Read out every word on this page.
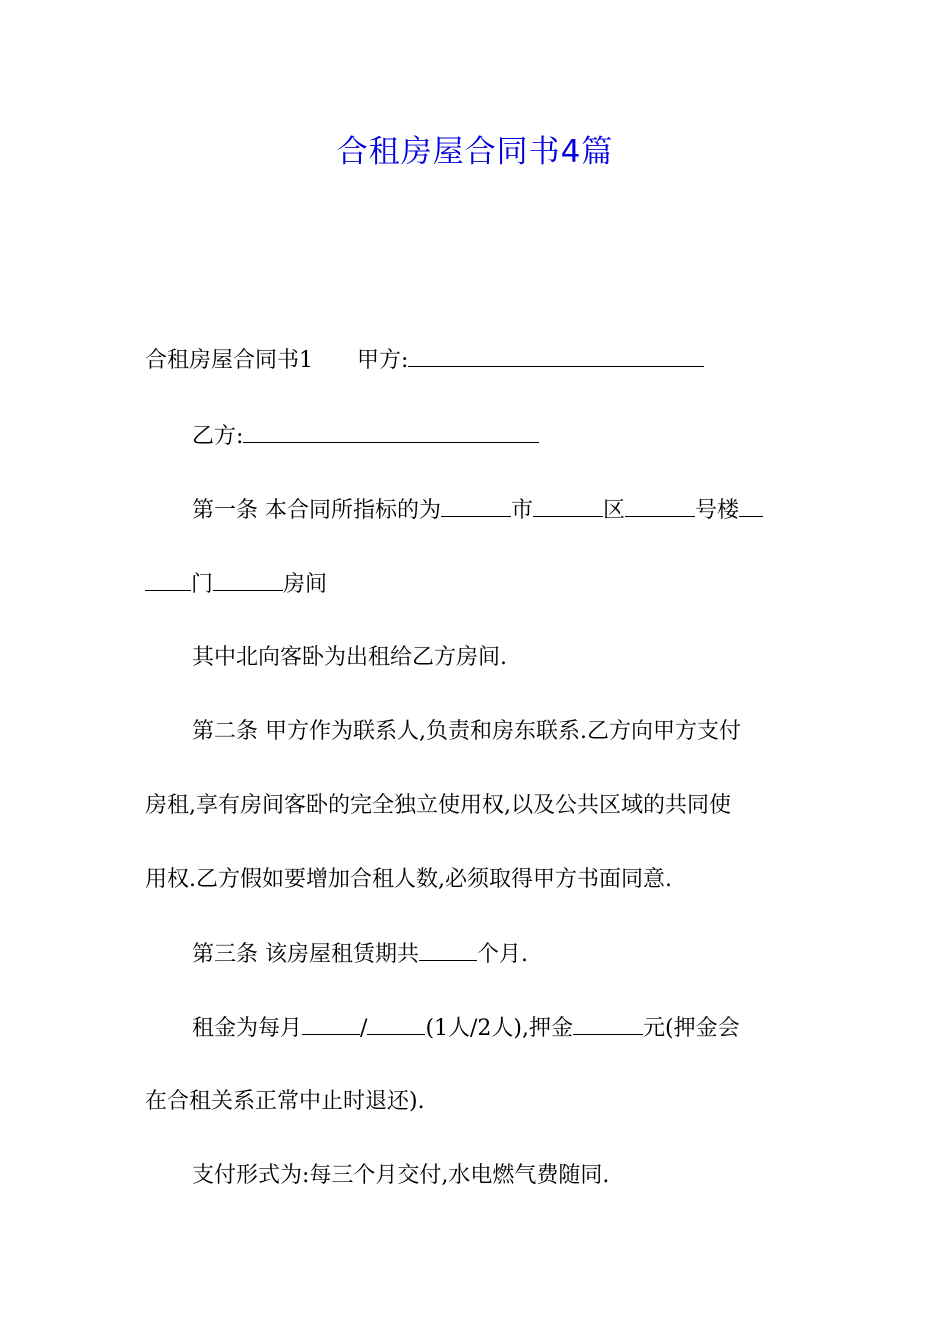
合租房屋合同书4篇
合租房屋合同书1 甲方:
乙方:
第一条 本合同所指标的为	市	区	号楼
门	房间
其中北向客卧为出租给乙方房间.
第二条 甲方作为联系人,负责和房东联系.乙方向甲方支付
房租,享有房间客卧的完全独立使用权,以及公共区域的共同使
用权.乙方假如要增加合租人数,必须取得甲方书面同意.
第三条 该房屋租赁期共	个月.
租金为每月	/	(1人/2人),押金	元(押金会
在合租关系正常中止时退还).
支付形式为:每三个月交付,水电燃气费随同.
